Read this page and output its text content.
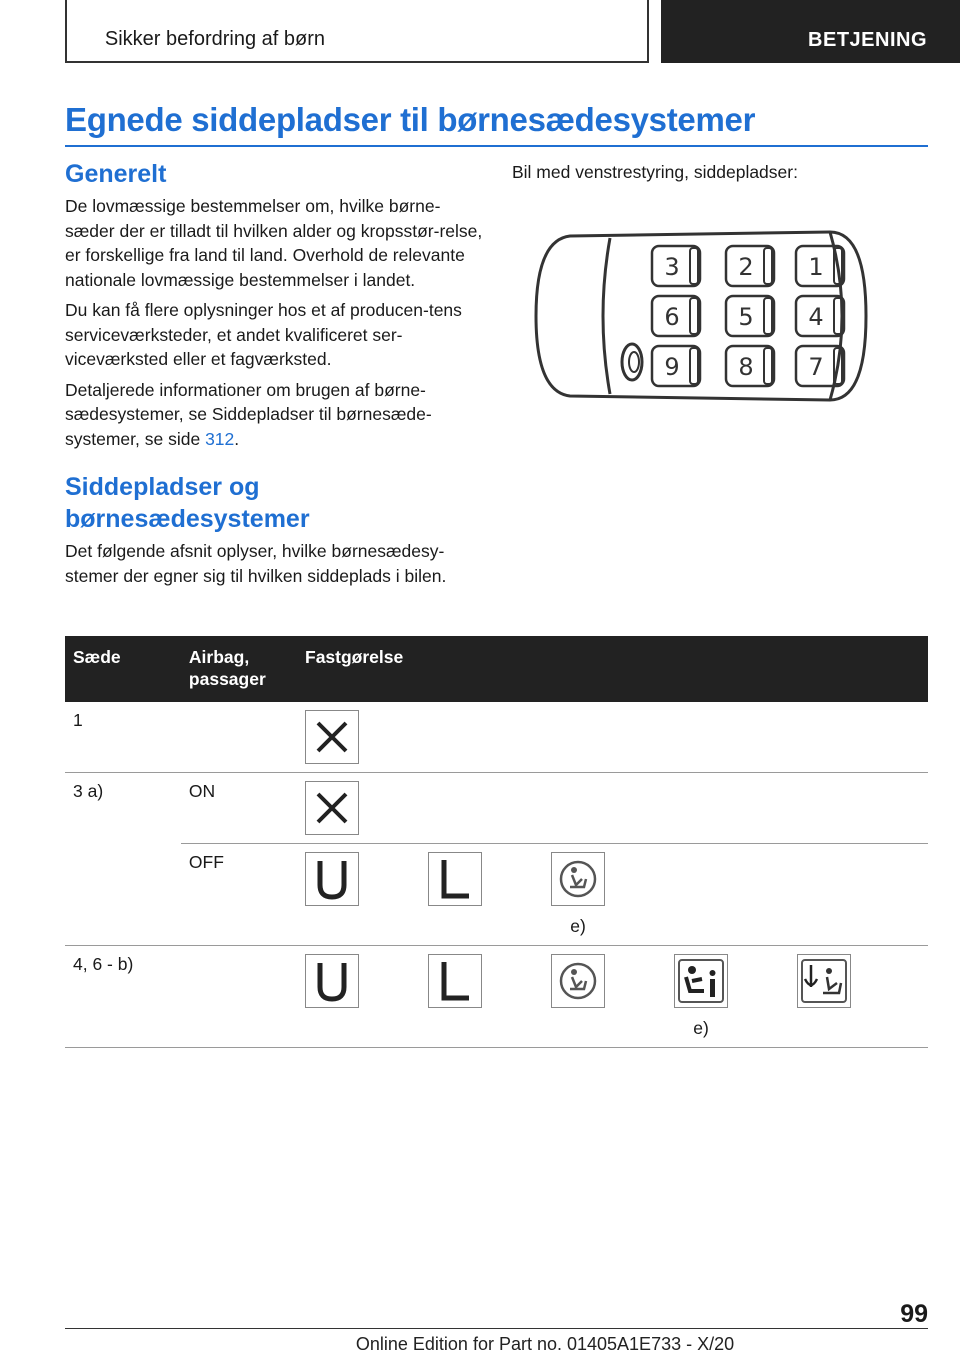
Sikker befordring af børn	BETJENING
Egnede siddepladser til børnesædesystemer
Generelt

De lovmæssige bestemmelser om, hvilke børne-sæder der er tilladt til hvilken alder og kropsstør-relse, er forskellige fra land til land. Overhold de relevante nationale lovmæssige bestemmelser i landet.

Du kan få flere oplysninger hos et af producen-tens serviceværksteder, et andet kvalificeret ser-viceværksted eller et fagværksted.

Detaljerede informationer om brugen af børne-sædesystemer, se Siddepladser til børnesæde-systemer, se side 312.

Siddepladser og
børnesædesystemer

Det følgende afsnit oplyser, hvilke børnesædesy-stemer der egner sig til hvilken siddeplads i bilen.

Bil med venstrestyring, siddepladser:
3
6
9
2
5
8
1
4
7
Sæde	Airbag, passager	Fastgørelse
1		

3 a)	ON	

	OFF	e)

4, 6 - b)		e)
99
Online Edition for Part no. 01405A1E733 - X/20
